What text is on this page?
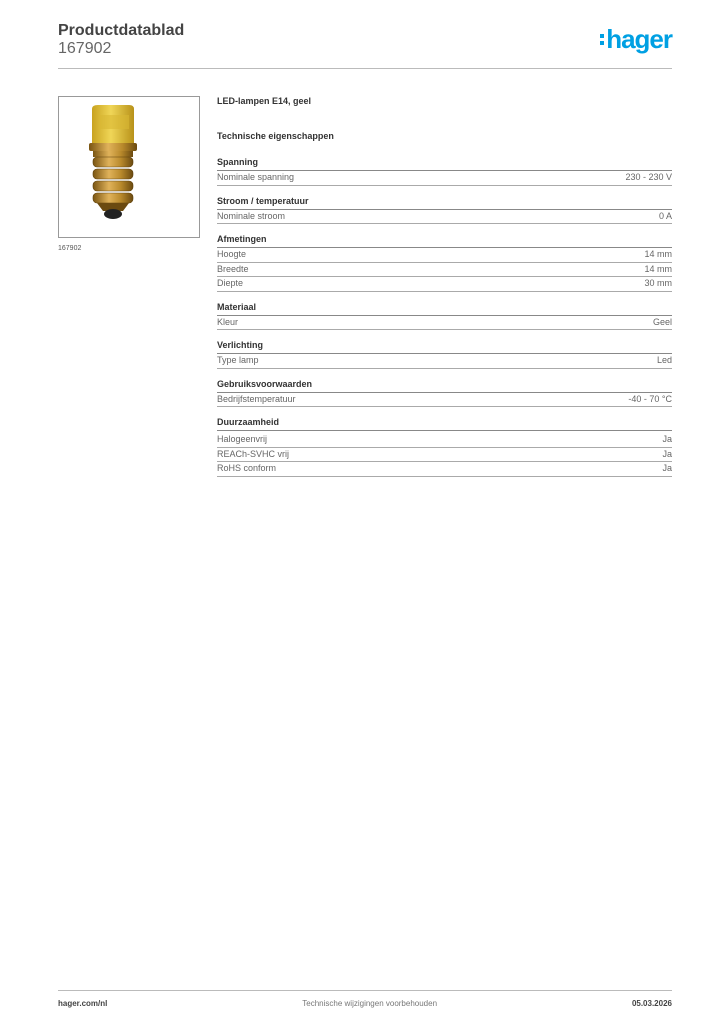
Productdatablad
167902	hager
167902
LED-lampen E14, geel
Technische eigenschappen
Spanning
Nominale spanning	230 - 230 V
Stroom / temperatuur
Nominale stroom	0 A
Afmetingen
Hoogte	14 mm
Breedte	14 mm
Diepte	30 mm
Materiaal
Kleur	Geel
Verlichting
Type lamp	Led
Gebruiksvoorwaarden
Bedrijfstemperatuur	-40 - 70 °C
Duurzaamheid
Halogeenvrij	Ja
REACh-SVHC vrij	Ja
RoHS conform	Ja
hager.com/nl	Technische wijzigingen voorbehouden	05.03.2026
